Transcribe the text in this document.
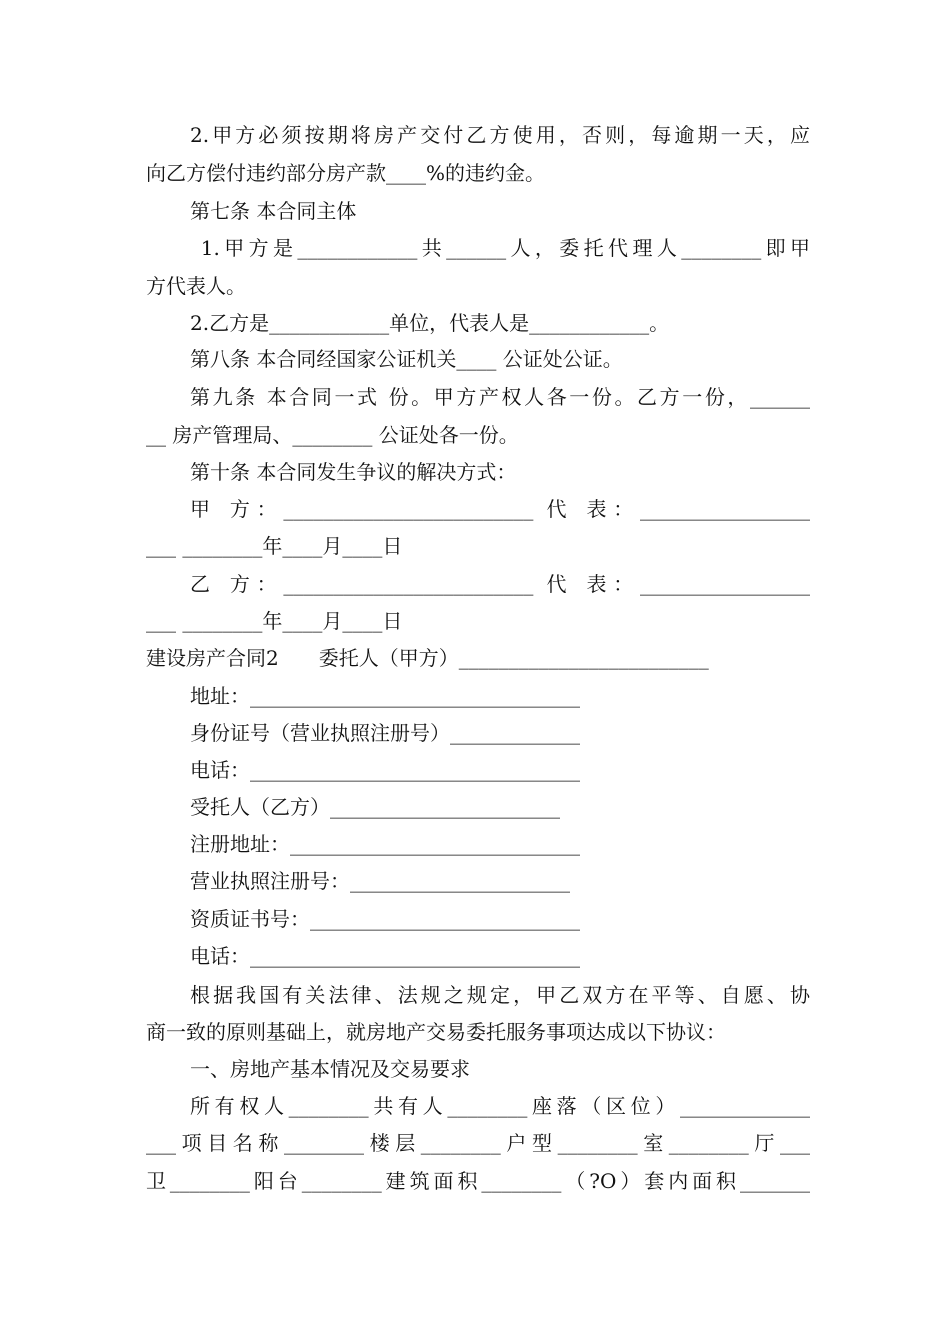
2.甲方必须按期将房产交付乙方使用，否则，每逾期一天，应
向乙方偿付违约部分房产款____%的违约金。
第七条 本合同主体
1.甲方是____________共______人，委托代理人________即甲
方代表人。
2.乙方是____________单位，代表人是____________。
第八条 本合同经国家公证机关____ 公证处公证。
第九条 本合同一式 份。甲方产权人各一份。乙方一份，______
__ 房产管理局、________ 公证处各一份。
第十条 本合同发生争议的解决方式：
甲 方：_________________________ 代 表：_________________
___ ________年____月____日
乙 方：_________________________ 代 表：_________________
___ ________年____月____日
建设房产合同2　　委托人（甲方）_________________________
地址：_________________________________
身份证号（营业执照注册号）_____________
电话：_________________________________
受托人（乙方）_______________________
注册地址：_____________________________
营业执照注册号：______________________
资质证书号：___________________________
电话：_________________________________
根据我国有关法律、法规之规定，甲乙双方在平等、自愿、协
商一致的原则基础上，就房地产交易委托服务事项达成以下协议：
一、房地产基本情况及交易要求
所有权人________共有人________座落（区位）_____________
___项目名称________楼层________户型________室________厅___
卫________阳台________建筑面积________（?O）套内面积_______
